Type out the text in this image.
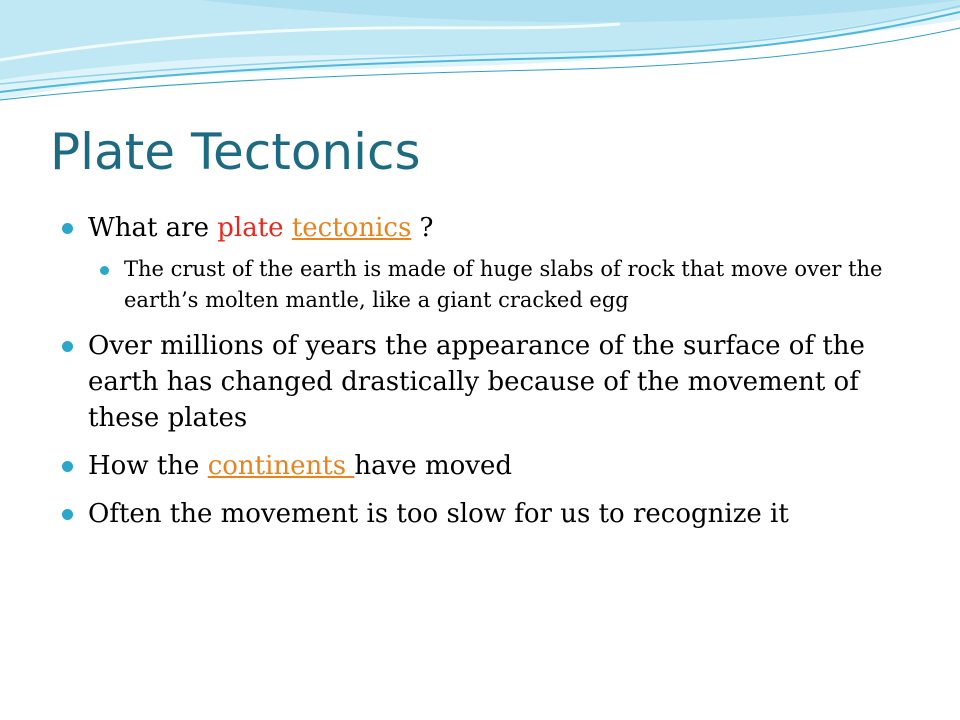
Plate Tectonics
What are plate tectonics ?
The crust of the earth is made of huge slabs of rock that move over the earth’s molten mantle, like a giant cracked egg
Over millions of years the appearance of the surface of the earth has changed drastically because of the movement of these plates
How the continents have moved
Often the movement is too slow for us to recognize it
